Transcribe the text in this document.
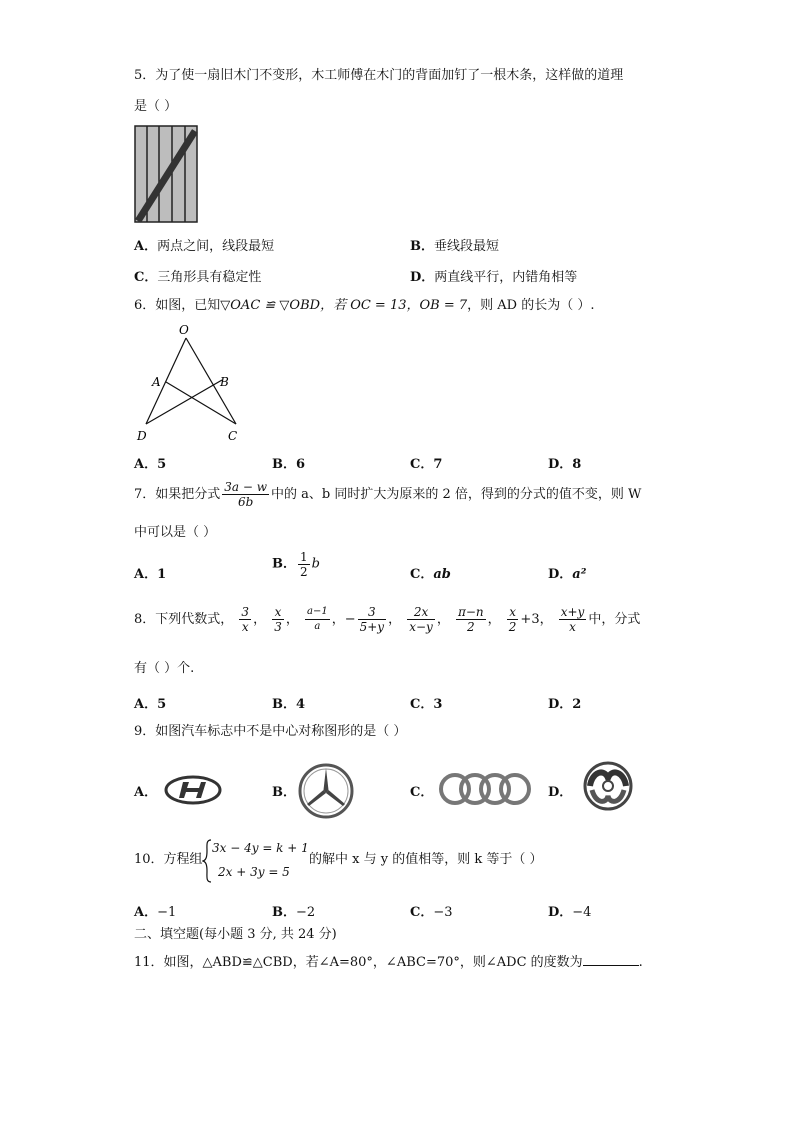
5．为了使一扇旧木门不变形，木工师傅在木门的背面加钉了一根木条，这样做的道理
是（ ）
A．两点之间，线段最短	B．垂线段最短
C．三角形具有稳定性	D．两直线平行，内错角相等
6．如图，已知▽OAC ≌ ▽OBD，若 OC = 13，OB = 7，则 AD 的长为（ ）.
O
A	B
C
D
A．5	B．6	C．7	D．8
7．如果把分式 $\frac{3a - w}{6b}$ 中的 a、b 同时扩大为原来的 2 倍，得到的分式的值不变，则 W
中可以是（ ）
A．1
B． $\frac{1}{2}$ b
C．ab	D．a²
8．下列代数式， $\frac{3}{x}$ ， $\frac{x}{3}$ ， $\frac{a-1}{a}$ ，− $\frac{3}{5+y}$ ， $\frac{2x}{x-y}$ ， $\frac{\pi-n}{2}$ ， $\frac{x}{2} +3$， $\frac{x+y}{x}$ 中，分式
有（ ）个.
A．5	B．4	C．3	D．2
9．如图汽车标志中不是中心对称图形的是（ ）
A．	B．	C．	D．
10．方程组
3x − 4y = k + 1
2x + 3y = 5
的解中 x 与 y 的值相等，则 k 等于（ ）
A．−1	B．−2	C．−3	D．−4
二、填空题(每小题 3 分, 共 24 分)
11．如图，△ABD≌△CBD，若∠A=80°，∠ABC=70°，则∠ADC 的度数为	.
